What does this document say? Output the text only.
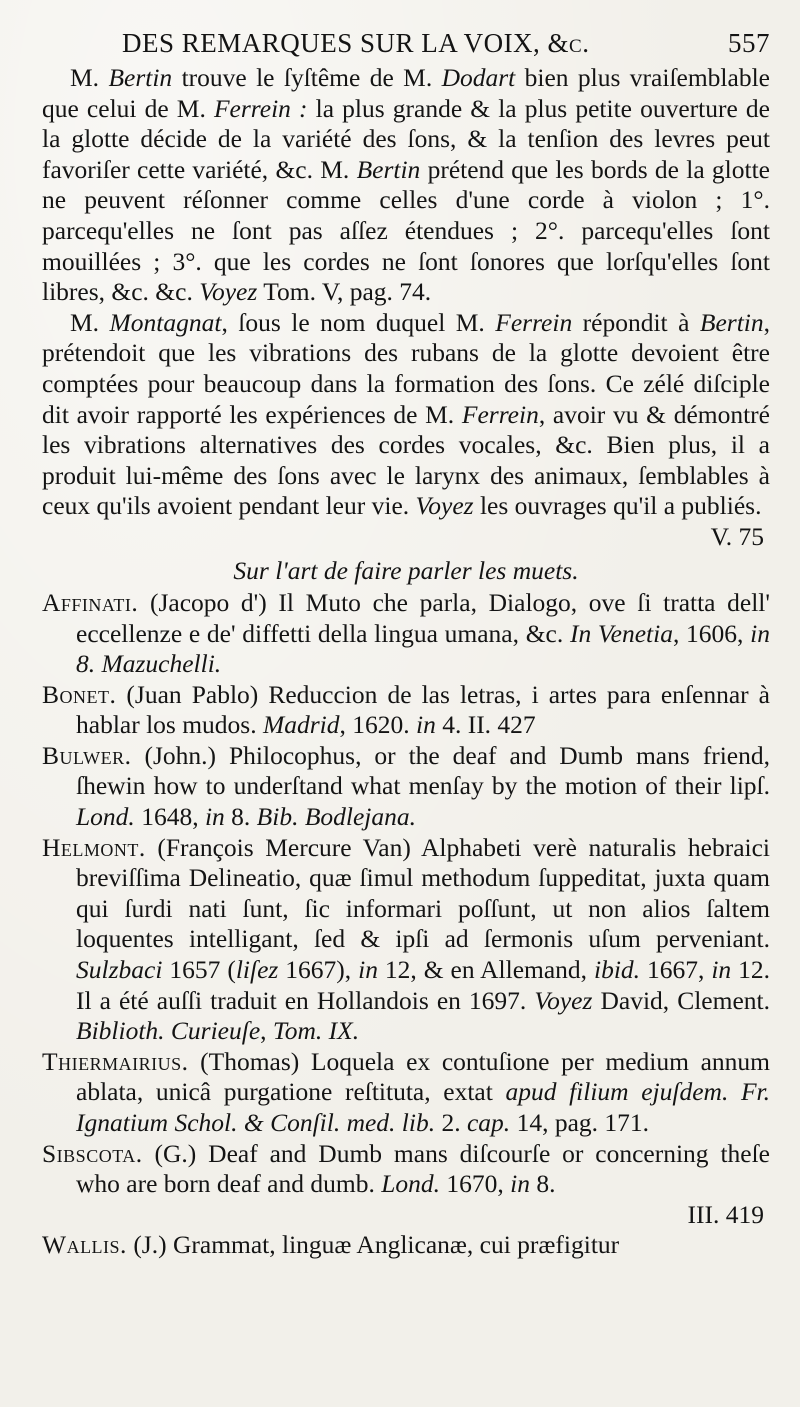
DES REMARQUES SUR LA VOIX, &c.	557

M. Bertin trouve le ſyſtême de M. Dodart bien plus vraiſemblable que celui de M. Ferrein : la plus grande & la plus petite ouverture de la glotte décide de la variété des ſons, & la tenſion des levres peut favoriſer cette variété, &c. M. Bertin prétend que les bords de la glotte ne peuvent réſonner comme celles d'une corde à violon ; 1°. parcequ'elles ne ſont pas aſſez étendues ; 2°. parcequ'elles ſont mouillées ; 3°. que les cordes ne ſont ſonores que lorſqu'elles ſont libres, &c. &c. Voyez Tom. V, pag. 74.

M. Montagnat, ſous le nom duquel M. Ferrein répondit à Bertin, prétendoit que les vibrations des rubans de la glotte devoient être comptées pour beaucoup dans la formation des ſons. Ce zélé diſciple dit avoir rapporté les expériences de M. Ferrein, avoir vu & démontré les vibrations alternatives des cordes vocales, &c. Bien plus, il a produit lui-même des ſons avec le larynx des animaux, ſemblables à ceux qu'ils avoient pendant leur vie. Voyez les ouvrages qu'il a publiés.

V. 75
Sur l'art de faire parler les muets.

Affinati. (Jacopo d') Il Muto che parla, Dialogo, ove ſi tratta dell' eccellenze e de' diffetti della lingua umana, &c. In Venetia, 1606, in 8. Mazuchelli.

Bonet. (Juan Pablo) Reduccion de las letras, i artes para enſennar à hablar los mudos. Madrid, 1620. in 4. II. 427

Bulwer. (John.) Philocophus, or the deaf and Dumb mans friend, ſhewin how to underſtand what menſay by the motion of their lipſ. Lond. 1648, in 8. Bib. Bodlejana.

Helmont. (François Mercure Van) Alphabeti verè naturalis hebraici breviſſima Delineatio, quæ ſimul methodum ſuppeditat, juxta quam qui ſurdi nati ſunt, ſic informari poſſunt, ut non alios ſaltem loquentes intelligant, ſed & ipſi ad ſermonis uſum perveniant. Sulzbaci 1657 (liſez 1667), in 12, & en Allemand, ibid. 1667, in 12. Il a été auſſi traduit en Hollandois en 1697. Voyez David, Clement. Biblioth. Curieuſe, Tom. IX.

Thiermairius. (Thomas) Loquela ex contuſione per medium annum ablata, unicâ purgatione reſtituta, extat apud filium ejuſdem. Fr. Ignatium Schol. & Conſil. med. lib. 2. cap. 14, pag. 171.

Sibscota. (G.) Deaf and Dumb mans diſcourſe or concerning theſe who are born deaf and dumb. Lond. 1670, in 8.

III. 419

Wallis. (J.) Grammat, linguæ Anglicanæ, cui præfigitur
